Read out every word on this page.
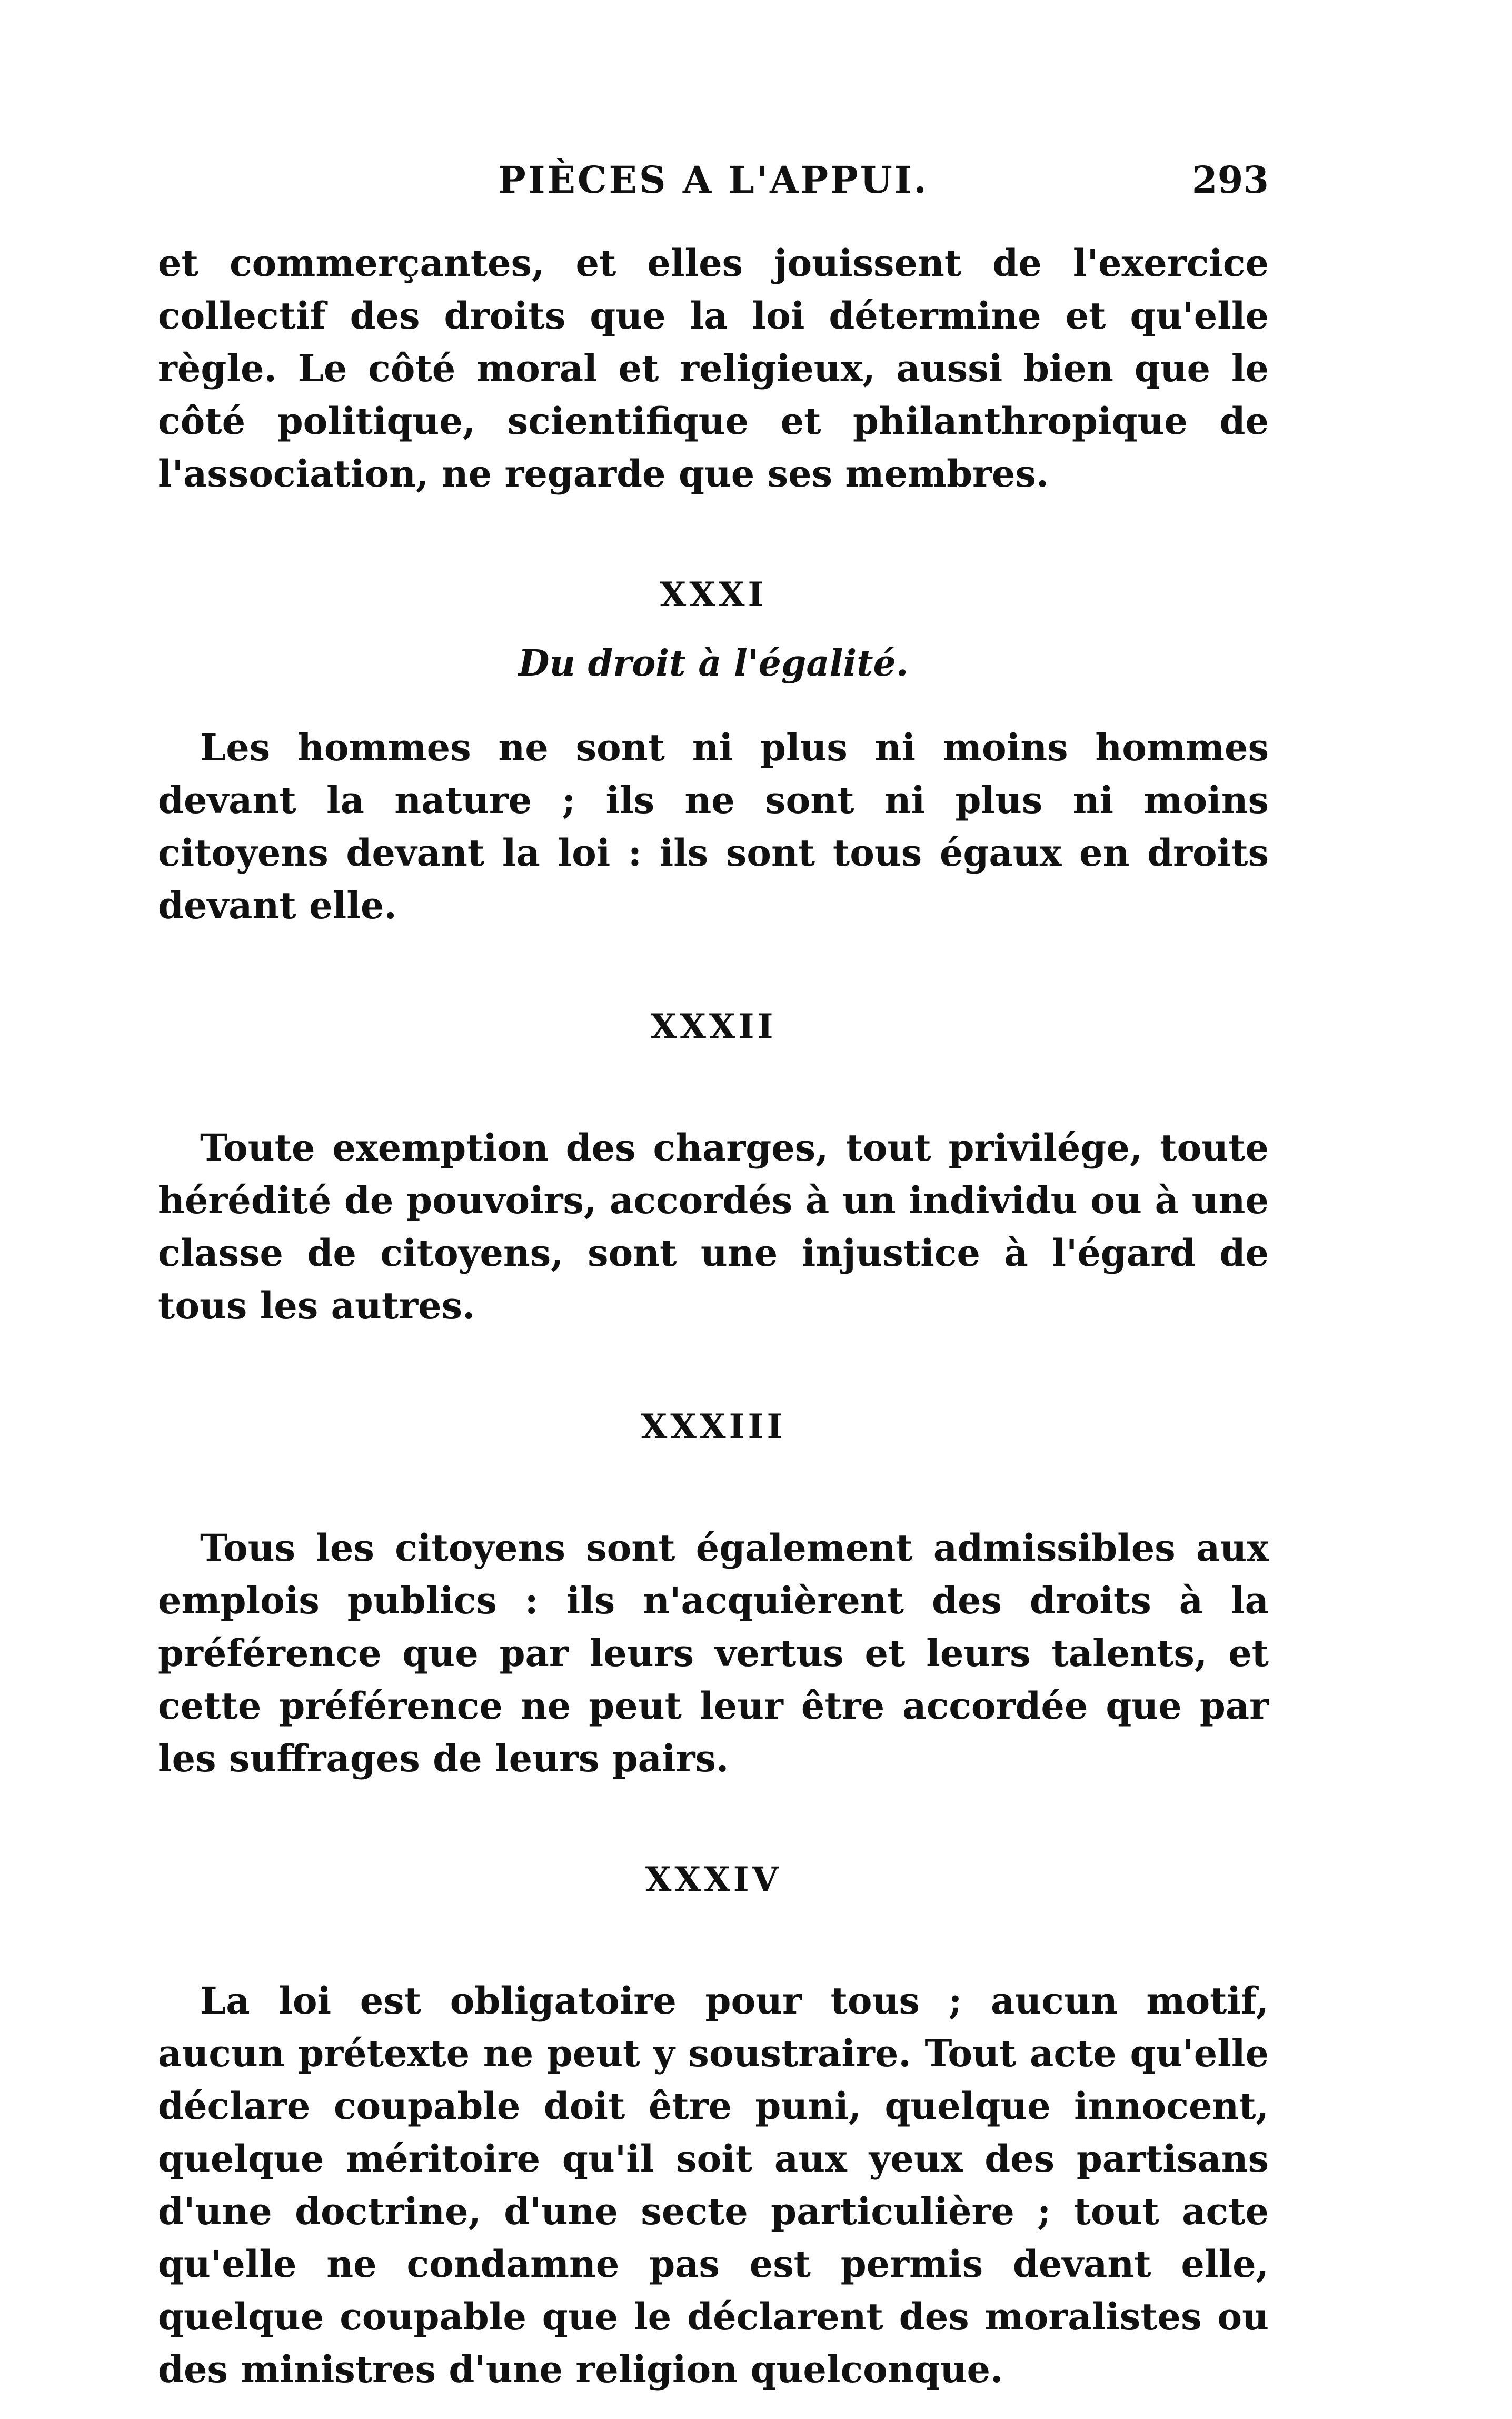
PIÈCES A L'APPUI.	293

et commerçantes, et elles jouissent de l'exercice collectif des droits que la loi détermine et qu'elle règle. Le côté moral et religieux, aussi bien que le côté politique, scientifique et philanthropique de l'association, ne regarde que ses membres.

XXXI
Du droit à l'égalité.

Les hommes ne sont ni plus ni moins hommes devant la nature ; ils ne sont ni plus ni moins citoyens devant la loi : ils sont tous égaux en droits devant elle.

XXXII

Toute exemption des charges, tout privilége, toute hérédité de pouvoirs, accordés à un individu ou à une classe de citoyens, sont une injustice à l'égard de tous les autres.

XXXIII

Tous les citoyens sont également admissibles aux emplois publics : ils n'acquièrent des droits à la préférence que par leurs vertus et leurs talents, et cette préférence ne peut leur être accordée que par les suffrages de leurs pairs.

XXXIV

La loi est obligatoire pour tous ; aucun motif, aucun prétexte ne peut y soustraire. Tout acte qu'elle déclare coupable doit être puni, quelque innocent, quelque méritoire qu'il soit aux yeux des partisans d'une doctrine, d'une secte particulière ; tout acte qu'elle ne condamne pas est permis devant elle, quelque coupable que le déclarent des moralistes ou des ministres d'une religion quelconque.
